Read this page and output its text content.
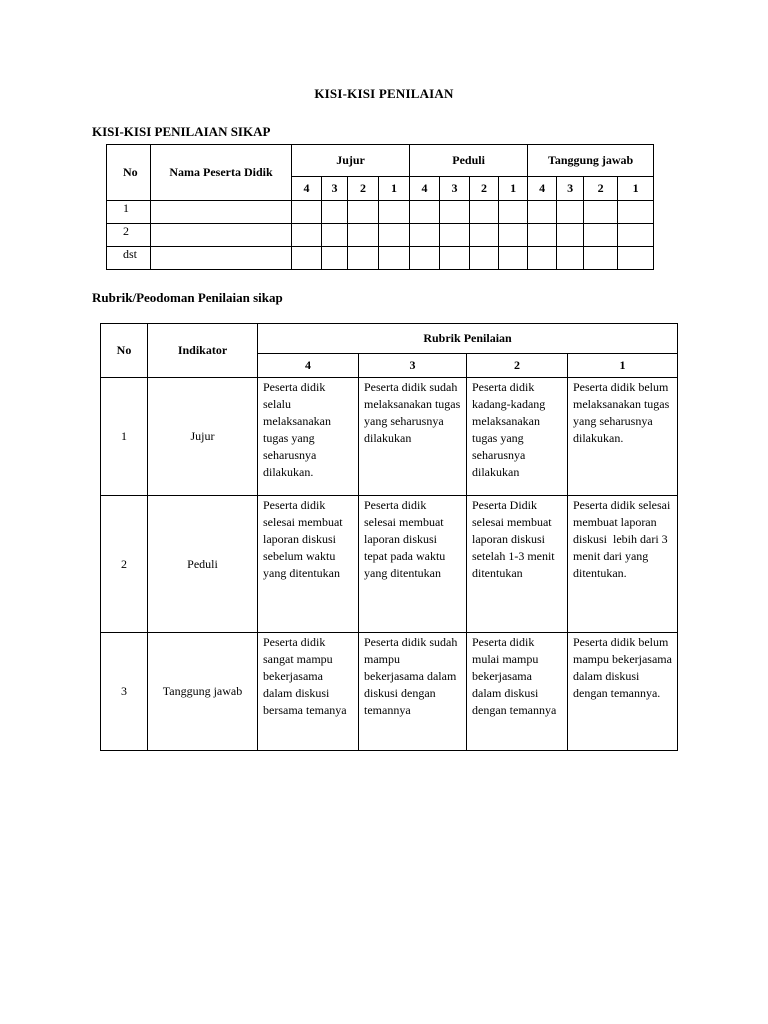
KISI-KISI PENILAIAN
KISI-KISI PENILAIAN SIKAP
No	Nama Peserta Didik	Jujur				Peduli				Tanggung jawab			
		4	3	2	1	4	3	2	1	4	3	2	1
1													
2													
dst													
Rubrik/Peodoman Penilaian sikap
No	Indikator	Rubrik Penilaian			
		4	3	2	1
1	Jujur	Peserta didik selalu melaksanakan tugas yang seharusnya dilakukan.	Peserta didik sudah melaksanakan tugas yang seharusnya dilakukan	Peserta didik kadang-kadang melaksanakan tugas yang seharusnya dilakukan	Peserta didik belum melaksanakan tugas yang seharusnya dilakukan.
2	Peduli	Peserta didik selesai membuat laporan diskusi sebelum waktu yang ditentukan	Peserta didik selesai membuat laporan diskusi tepat pada waktu yang ditentukan	Peserta Didik selesai membuat laporan diskusi setelah 1-3 menit ditentukan	Peserta didik selesai membuat laporan diskusi  lebih dari 3 menit dari yang ditentukan.
3	Tanggung jawab	Peserta didik sangat mampu bekerjasama dalam diskusi bersama temanya	Peserta didik sudah mampu bekerjasama dalam diskusi dengan temannya	Peserta didik mulai mampu bekerjasama dalam diskusi dengan temannya	Peserta didik belum mampu bekerjasama dalam diskusi dengan temannya.
